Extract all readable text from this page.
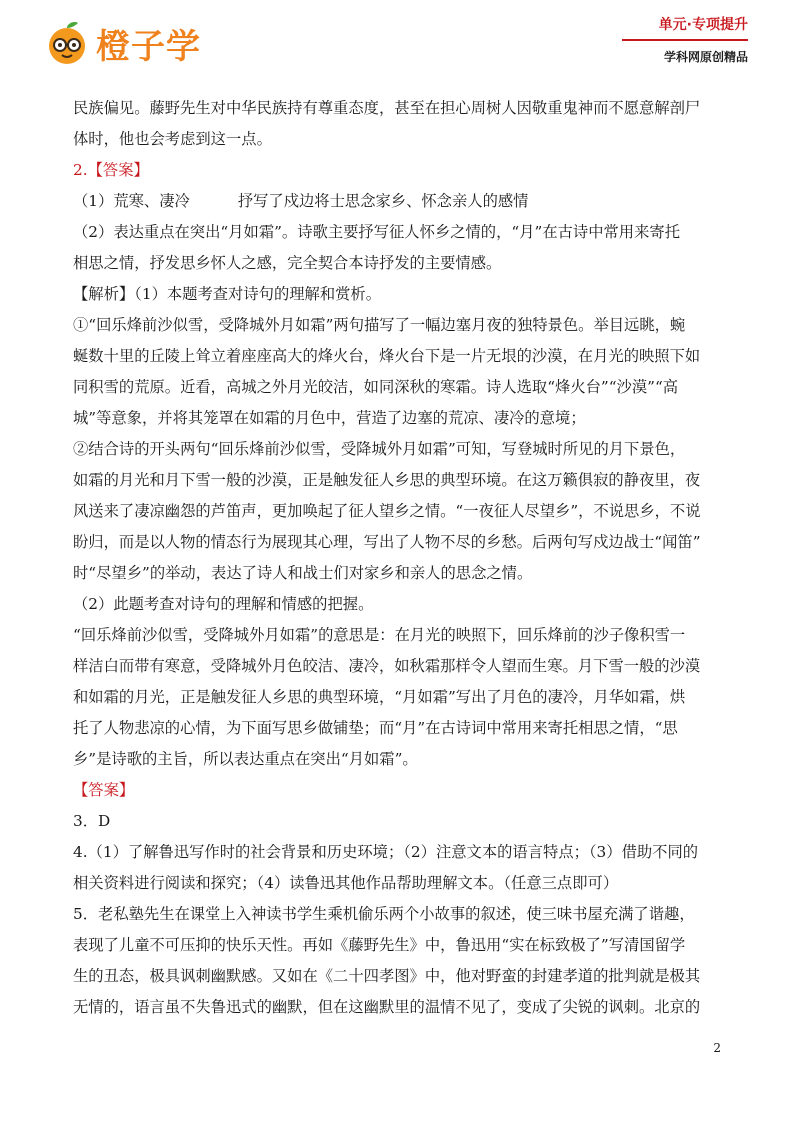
橙子学
单元·专项提升
学科网原创精品
民族偏见。藤野先生对中华民族持有尊重态度，甚至在担心周树人因敬重鬼神而不愿意解剖尸
体时，他也会考虑到这一点。
2.【答案】
（1）荒寒、凄冷	抒写了戍边将士思念家乡、怀念亲人的感情
（2）表达重点在突出“月如霜”。诗歌主要抒写征人怀乡之情的，“月”在古诗中常用来寄托
相思之情，抒发思乡怀人之感，完全契合本诗抒发的主要情感。
【解析】（1）本题考查对诗句的理解和赏析。
①“回乐烽前沙似雪，受降城外月如霜”两句描写了一幅边塞月夜的独特景色。举目远眺，蜿
蜒数十里的丘陵上耸立着座座高大的烽火台，烽火台下是一片无垠的沙漠，在月光的映照下如
同积雪的荒原。近看，高城之外月光皎洁，如同深秋的寒霜。诗人选取“烽火台”“沙漠”“高
城”等意象，并将其笼罩在如霜的月色中，营造了边塞的荒凉、凄冷的意境；
②结合诗的开头两句“回乐烽前沙似雪，受降城外月如霜”可知，写登城时所见的月下景色，
如霜的月光和月下雪一般的沙漠，正是触发征人乡思的典型环境。在这万籁俱寂的静夜里，夜
风送来了凄凉幽怨的芦笛声，更加唤起了征人望乡之情。“一夜征人尽望乡”，不说思乡，不说
盼归，而是以人物的情态行为展现其心理，写出了人物不尽的乡愁。后两句写戍边战士“闻笛”
时“尽望乡”的举动，表达了诗人和战士们对家乡和亲人的思念之情。
（2）此题考查对诗句的理解和情感的把握。
“回乐烽前沙似雪，受降城外月如霜”的意思是：在月光的映照下，回乐烽前的沙子像积雪一
样洁白而带有寒意，受降城外月色皎洁、凄冷，如秋霜那样令人望而生寒。月下雪一般的沙漠
和如霜的月光，正是触发征人乡思的典型环境，“月如霜”写出了月色的凄冷，月华如霜，烘
托了人物悲凉的心情，为下面写思乡做铺垫；而“月”在古诗词中常用来寄托相思之情，“思
乡”是诗歌的主旨，所以表达重点在突出“月如霜”。
【答案】
3．D
4.（1）了解鲁迅写作时的社会背景和历史环境；（2）注意文本的语言特点；（3）借助不同的
相关资料进行阅读和探究；（4）读鲁迅其他作品帮助理解文本。（任意三点即可）
5．老私塾先生在课堂上入神读书学生乘机偷乐两个小故事的叙述，使三味书屋充满了谐趣，
表现了儿童不可压抑的快乐天性。再如《藤野先生》中，鲁迅用“实在标致极了”写清国留学
生的丑态，极具讽刺幽默感。又如在《二十四孝图》中，他对野蛮的封建孝道的批判就是极其
无情的，语言虽不失鲁迅式的幽默，但在这幽默里的温情不见了，变成了尖锐的讽刺。北京的
2
